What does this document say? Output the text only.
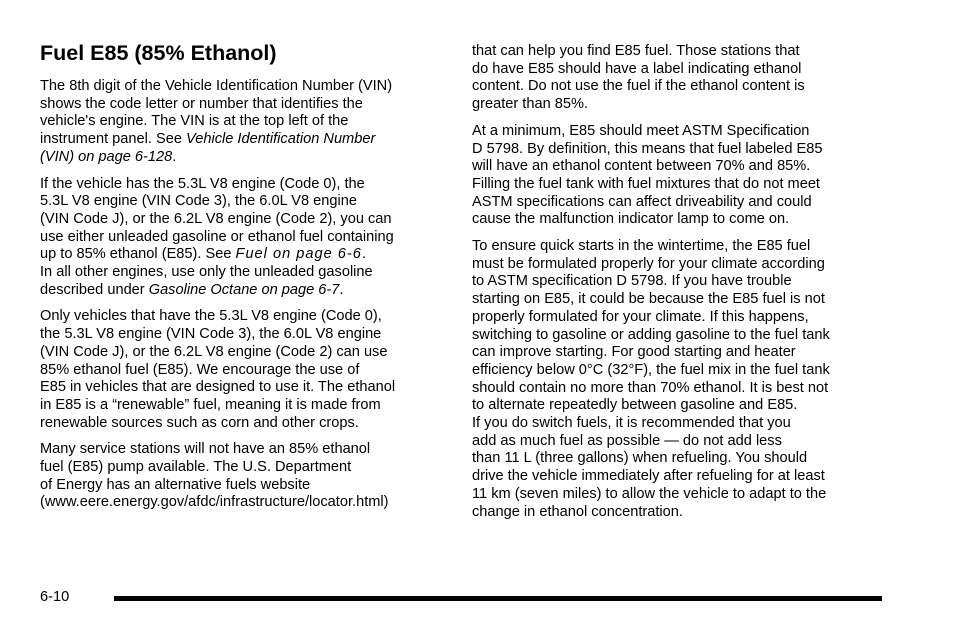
Fuel E85 (85% Ethanol)

The 8th digit of the Vehicle Identification Number (VIN)
shows the code letter or number that identifies the
vehicle's engine. The VIN is at the top left of the
instrument panel. See Vehicle Identification Number
(VIN) on page 6-128.

If the vehicle has the 5.3L V8 engine (Code 0), the
5.3L V8 engine (VIN Code 3), the 6.0L V8 engine
(VIN Code J), or the 6.2L V8 engine (Code 2), you can
use either unleaded gasoline or ethanol fuel containing
up to 85% ethanol (E85). See Fuel on page 6-6.
In all other engines, use only the unleaded gasoline
described under Gasoline Octane on page 6-7.

Only vehicles that have the 5.3L V8 engine (Code 0),
the 5.3L V8 engine (VIN Code 3), the 6.0L V8 engine
(VIN Code J), or the 6.2L V8 engine (Code 2) can use
85% ethanol fuel (E85). We encourage the use of
E85 in vehicles that are designed to use it. The ethanol
in E85 is a “renewable” fuel, meaning it is made from
renewable sources such as corn and other crops.

Many service stations will not have an 85% ethanol
fuel (E85) pump available. The U.S. Department
of Energy has an alternative fuels website
(www.eere.energy.gov/afdc/infrastructure/locator.html)

that can help you find E85 fuel. Those stations that
do have E85 should have a label indicating ethanol
content. Do not use the fuel if the ethanol content is
greater than 85%.

At a minimum, E85 should meet ASTM Specification
D 5798. By definition, this means that fuel labeled E85
will have an ethanol content between 70% and 85%.
Filling the fuel tank with fuel mixtures that do not meet
ASTM specifications can affect driveability and could
cause the malfunction indicator lamp to come on.

To ensure quick starts in the wintertime, the E85 fuel
must be formulated properly for your climate according
to ASTM specification D 5798. If you have trouble
starting on E85, it could be because the E85 fuel is not
properly formulated for your climate. If this happens,
switching to gasoline or adding gasoline to the fuel tank
can improve starting. For good starting and heater
efficiency below 0°C (32°F), the fuel mix in the fuel tank
should contain no more than 70% ethanol. It is best not
to alternate repeatedly between gasoline and E85.

If you do switch fuels, it is recommended that you
add as much fuel as possible — do not add less
than 11 L (three gallons) when refueling. You should
drive the vehicle immediately after refueling for at least
11 km (seven miles) to allow the vehicle to adapt to the
change in ethanol concentration.

6-10
